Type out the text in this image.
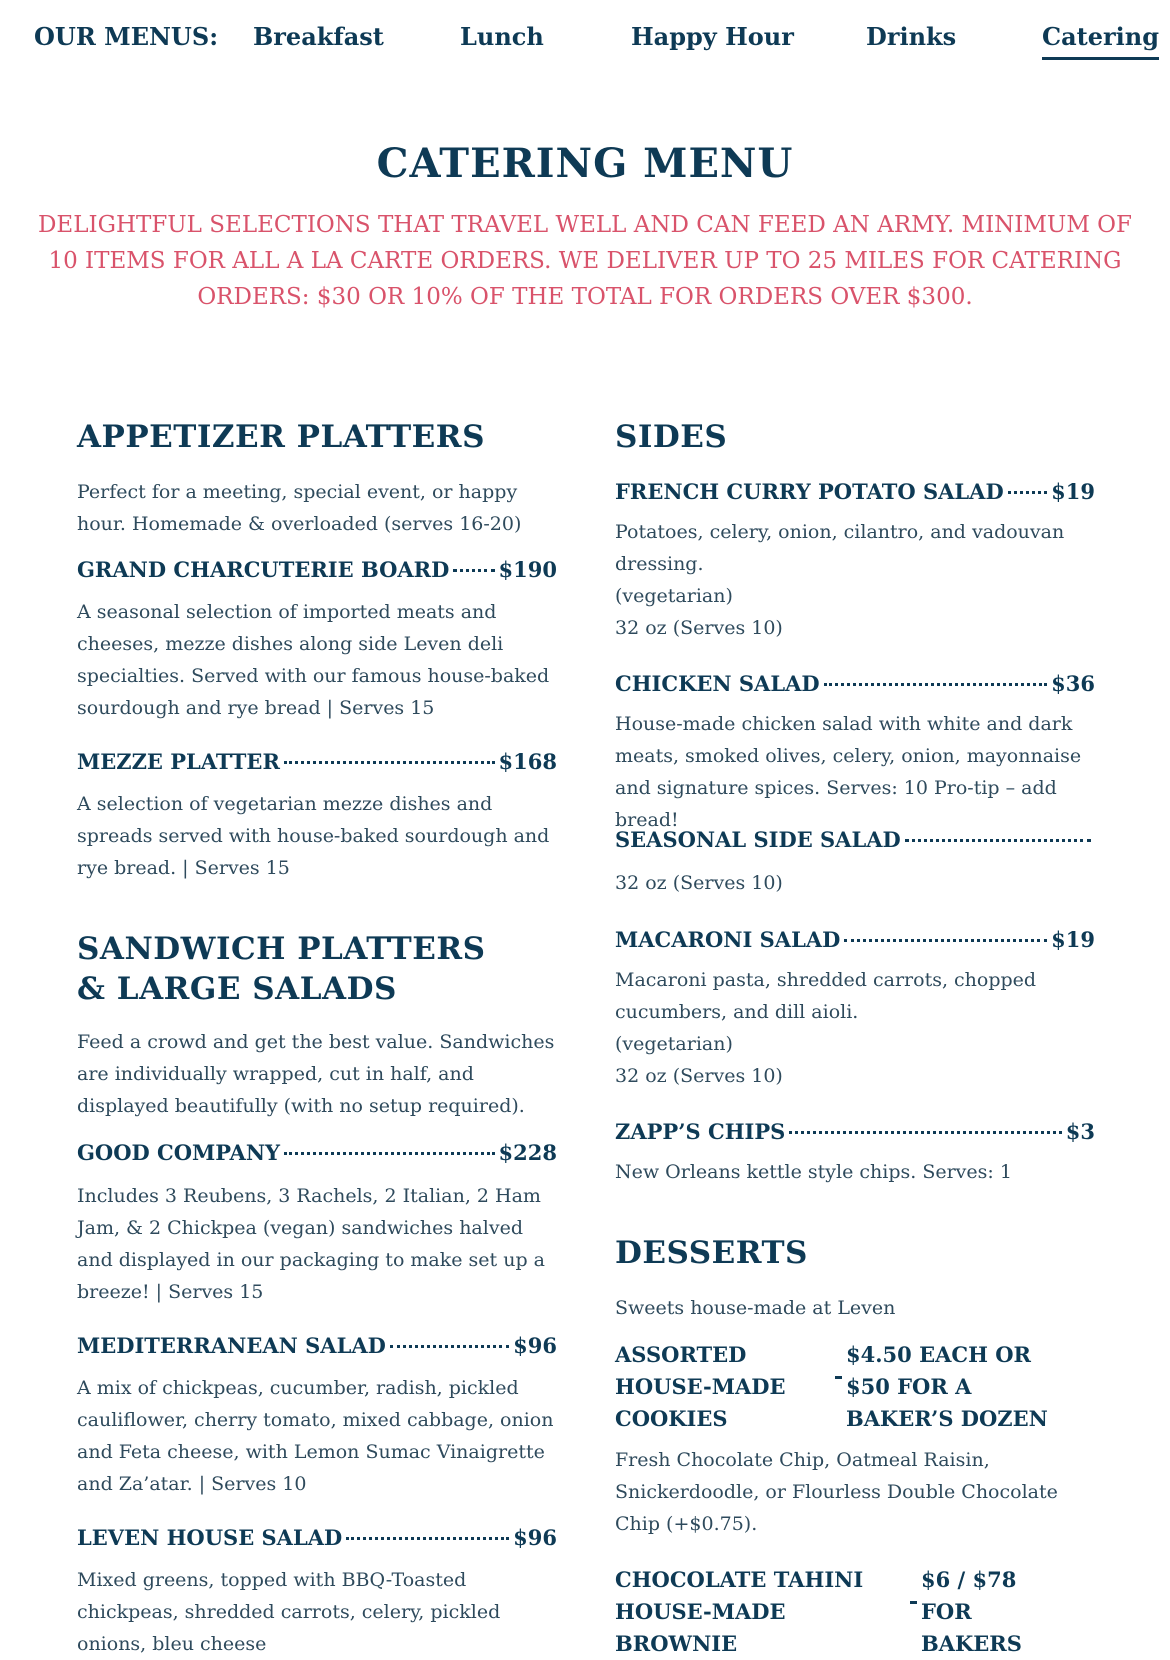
OUR MENUS: Breakfast	Lunch	Happy Hour	Drinks	Catering
CATERING MENU

DELIGHTFUL SELECTIONS THAT TRAVEL WELL AND CAN FEED AN ARMY. MINIMUM OF 10 ITEMS FOR ALL A LA CARTE ORDERS. WE DELIVER UP TO 25 MILES FOR CATERING ORDERS: $30 OR 10% OF THE TOTAL FOR ORDERS OVER $300.

APPETIZER PLATTERS

Perfect for a meeting, special event, or happy hour. Homemade & overloaded (serves 16-20)

GRAND CHARCUTERIE BOARD $190

A seasonal selection of imported meats and cheeses, mezze dishes along side Leven deli specialties. Served with our famous house-baked sourdough and rye bread | Serves 15

MEZZE PLATTER	$168

A selection of vegetarian mezze dishes and spreads served with house-baked sourdough and rye bread. | Serves 15

SANDWICH PLATTERS & LARGE SALADS

Feed a crowd and get the best value. Sandwiches are individually wrapped, cut in half, and displayed beautifully (with no setup required).

GOOD COMPANY	$228

Includes 3 Reubens, 3 Rachels, 2 Italian, 2 Ham Jam, & 2 Chickpea (vegan) sandwiches halved and displayed in our packaging to make set up a breeze! | Serves 15

MEDITERRANEAN SALAD	$96

A mix of chickpeas, cucumber, radish, pickled cauliflower, cherry tomato, mixed cabbage, onion and Feta cheese, with Lemon Sumac Vinaigrette and Za’atar. | Serves 10

LEVEN HOUSE SALAD	$96

Mixed greens, topped with BBQ-Toasted chickpeas, shredded carrots, celery, pickled onions, bleu cheese

SIDES
FRENCH CURRY POTATO SALAD $19

Potatoes, celery, onion, cilantro, and vadouvan dressing.

(vegetarian)

32 oz (Serves 10)

CHICKEN SALAD	$36

House-made chicken salad with white and dark meats, smoked olives, celery, onion, mayonnaise and signature spices. Serves: 10 Pro-tip – add bread!

SEASONAL SIDE SALAD

32 oz (Serves 10)

MACARONI SALAD	$19

Macaroni pasta, shredded carrots, chopped cucumbers, and dill aioli.

(vegetarian)

32 oz (Serves 10)

ZAPP’S CHIPS	$3

New Orleans kettle style chips. Serves: 1

DESSERTS

Sweets house-made at Leven

ASSORTED HOUSE-MADE COOKIES
$4.50 EACH OR $50 FOR A BAKER’S DOZEN

Fresh Chocolate Chip, Oatmeal Raisin, Snickerdoodle, or Flourless Double Chocolate Chip (+$0.75).

CHOCOLATE TAHINI HOUSE-MADE BROWNIE
$6 / $78 FOR BAKERS
